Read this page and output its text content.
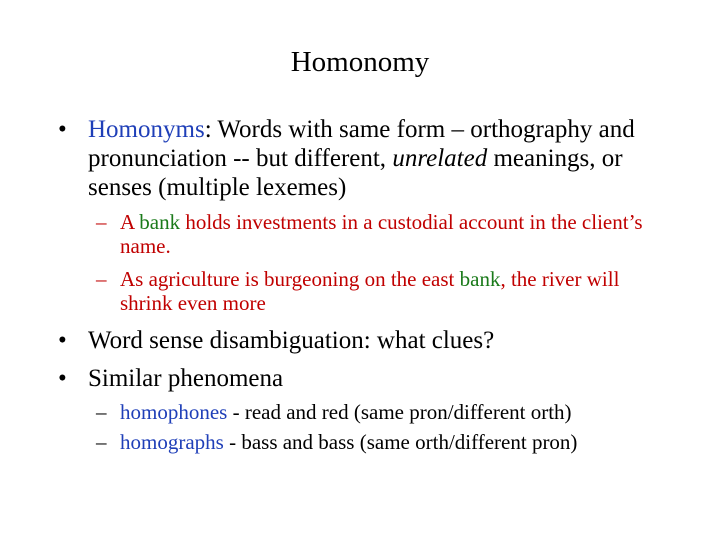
Homonomy
• Homonyms: Words with same form – orthography and pronunciation -- but different, unrelated meanings, or senses (multiple lexemes)
– A bank holds investments in a custodial account in the client’s name.
– As agriculture is burgeoning on the east bank, the river will shrink even more
• Word sense disambiguation: what clues?
• Similar phenomena
– homophones - read and red (same pron/different orth)
– homographs - bass and bass (same orth/different pron)
